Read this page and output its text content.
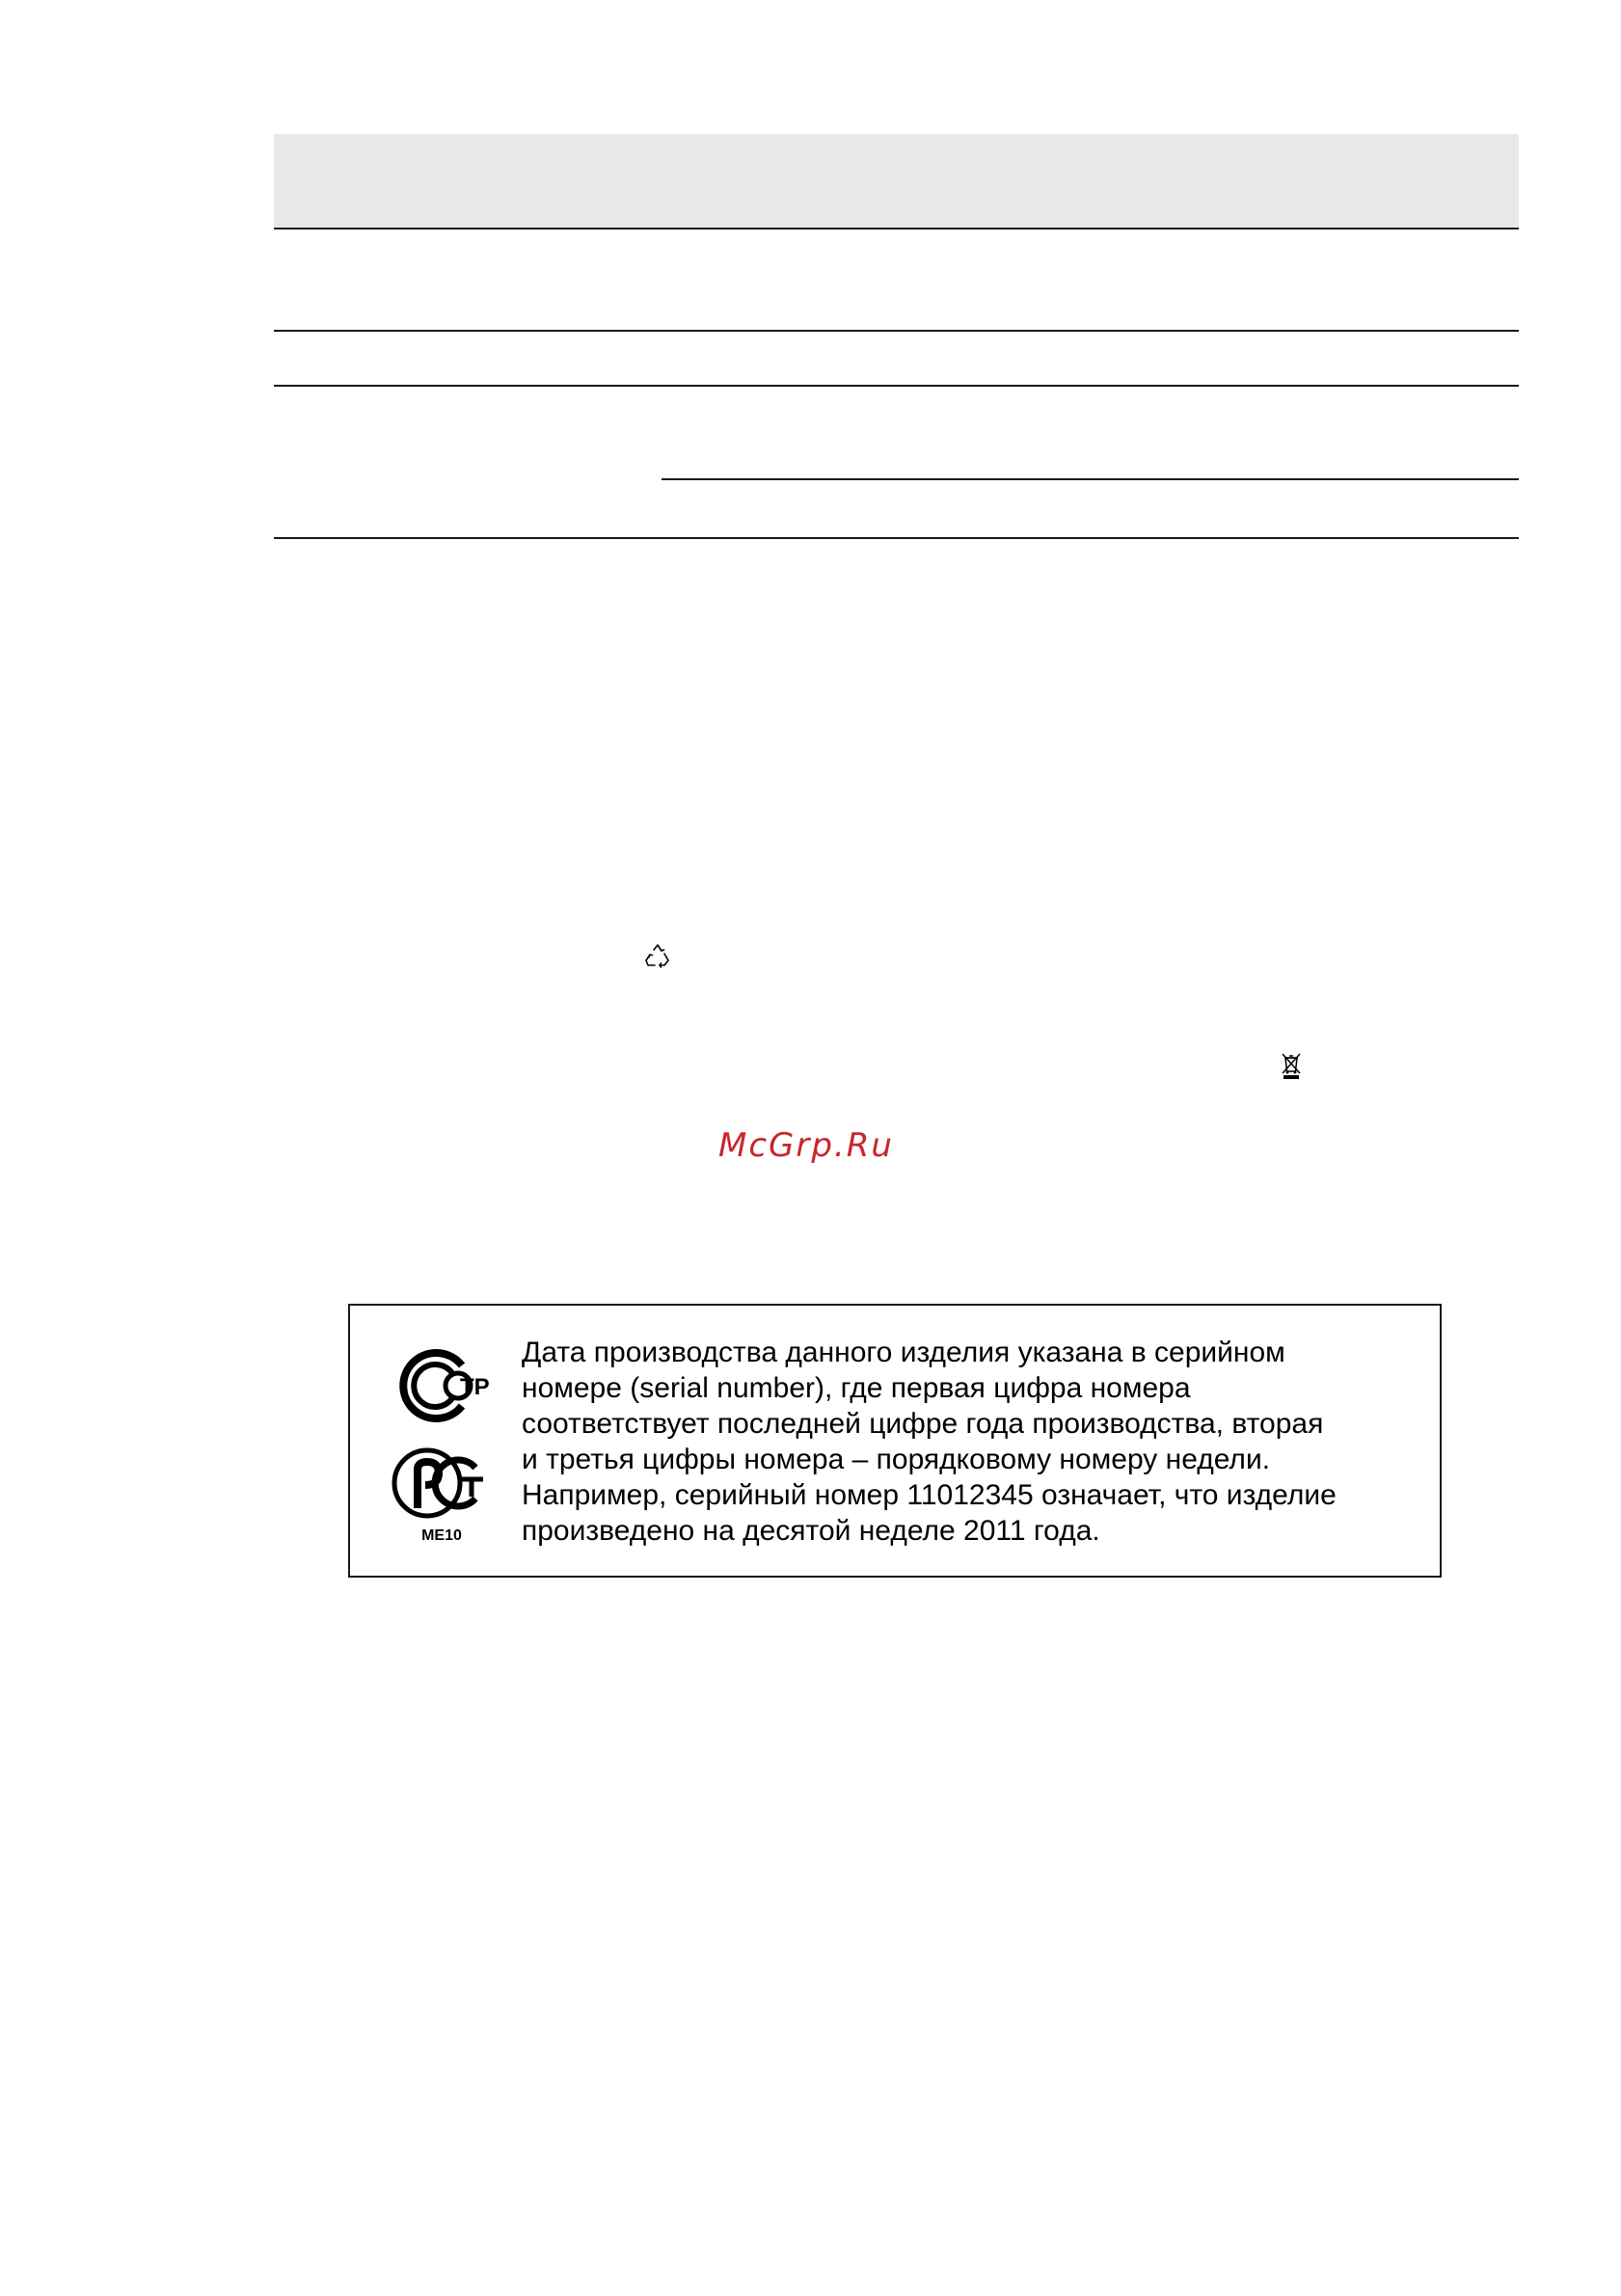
McGrp.Ru
ТР
ME10

Дата производства данного изделия указана в серийном
номере (serial number), где первая цифра номера
соответствует последней цифре года производства, вторая
и третья цифры номера – порядковому номеру недели.
Например, серийный номер 11012345 означает, что изделие
произведено на десятой неделе 2011 года.
